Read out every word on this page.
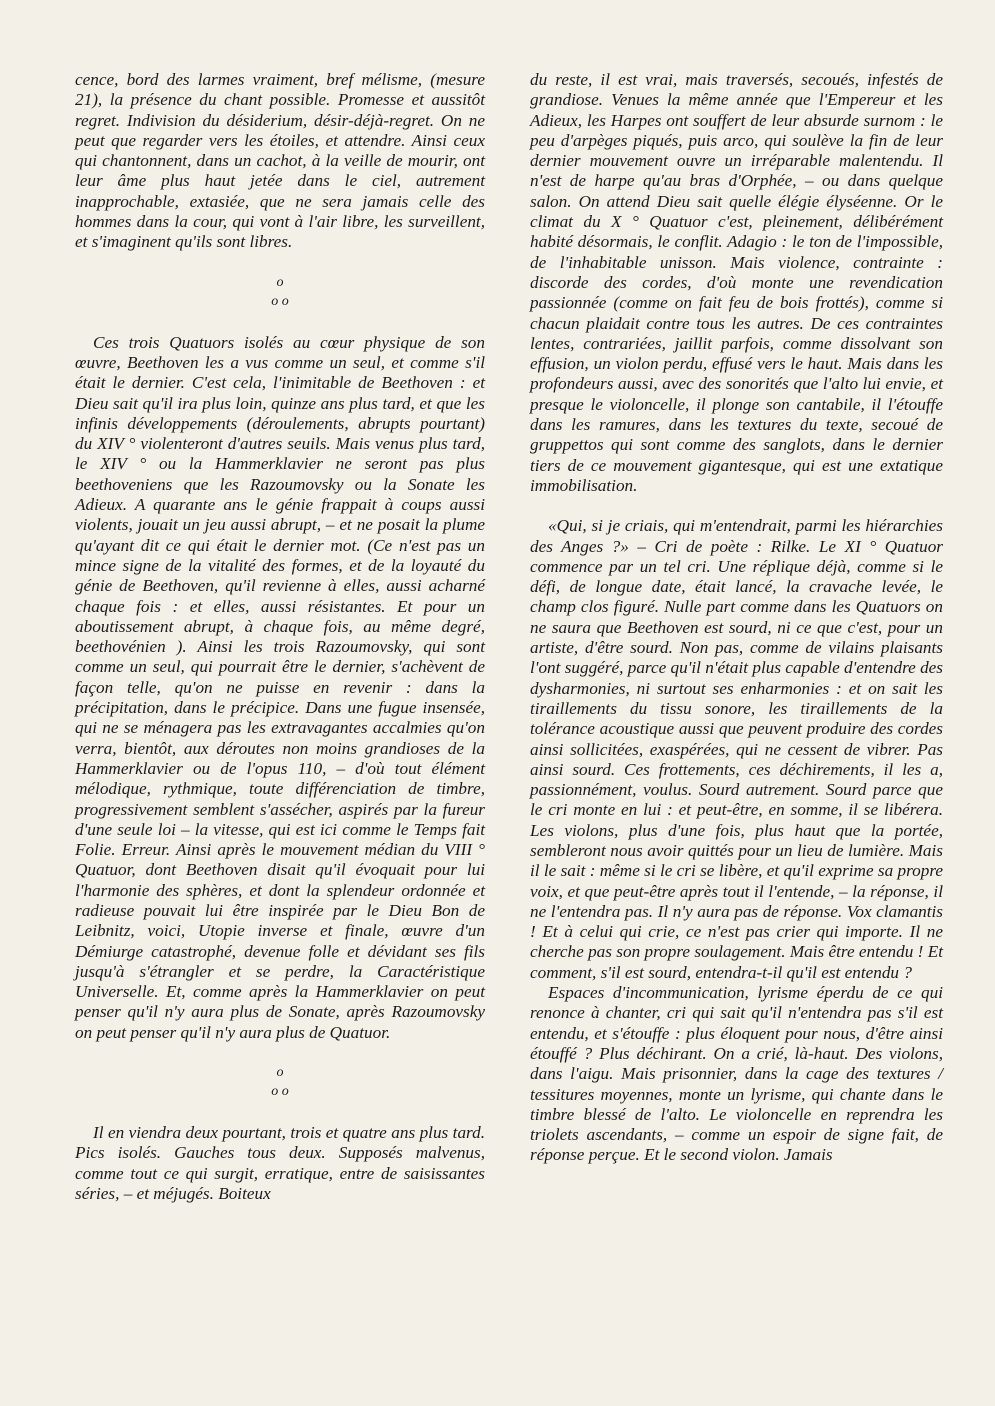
cence, bord des larmes vraiment, bref mélisme, (mesure 21), la présence du chant possible. Promesse et aussitôt regret. Indivision du désiderium, désir-déjà-regret. On ne peut que regarder vers les étoiles, et attendre. Ainsi ceux qui chantonnent, dans un cachot, à la veille de mourir, ont leur âme plus haut jetée dans le ciel, autrement inapprochable, extasiée, que ne sera jamais celle des hommes dans la cour, qui vont à l'air libre, les surveillent, et s'imaginent qu'ils sont libres.

o
o o

Ces trois Quatuors isolés au cœur physique de son œuvre, Beethoven les a vus comme un seul, et comme s'il était le dernier. C'est cela, l'inimitable de Beethoven : et Dieu sait qu'il ira plus loin, quinze ans plus tard, et que les infinis développements (déroulements, abrupts pourtant) du XIV ° violenteront d'autres seuils. Mais venus plus tard, le XIV ° ou la Hammerklavier ne seront pas plus beethoveniens que les Razoumovsky ou la Sonate les Adieux. A quarante ans le génie frappait à coups aussi violents, jouait un jeu aussi abrupt, – et ne posait la plume qu'ayant dit ce qui était le dernier mot. (Ce n'est pas un mince signe de la vitalité des formes, et de la loyauté du génie de Beethoven, qu'il revienne à elles, aussi acharné chaque fois : et elles, aussi résistantes. Et pour un aboutissement abrupt, à chaque fois, au même degré, beethovénien ). Ainsi les trois Razoumovsky, qui sont comme un seul, qui pourrait être le dernier, s'achèvent de façon telle, qu'on ne puisse en revenir : dans la précipitation, dans le précipice. Dans une fugue insensée, qui ne se ménagera pas les extravagantes accalmies qu'on verra, bientôt, aux déroutes non moins grandioses de la Hammerklavier ou de l'opus 110, – d'où tout élément mélodique, rythmique, toute différenciation de timbre, progressivement semblent s'assécher, aspirés par la fureur d'une seule loi – la vitesse, qui est ici comme le Temps fait Folie. Erreur. Ainsi après le mouvement médian du VIII ° Quatuor, dont Beethoven disait qu'il évoquait pour lui l'harmonie des sphères, et dont la splendeur ordonnée et radieuse pouvait lui être inspirée par le Dieu Bon de Leibnitz, voici, Utopie inverse et finale, œuvre d'un Démiurge catastrophé, devenue folle et dévidant ses fils jusqu'à s'étrangler et se perdre, la Caractéristique Universelle. Et, comme après la Hammerklavier on peut penser qu'il n'y aura plus de Sonate, après Razoumovsky on peut penser qu'il n'y aura plus de Quatuor.

o
o o

Il en viendra deux pourtant, trois et quatre ans plus tard. Pics isolés. Gauches tous deux. Supposés malvenus, comme tout ce qui surgit, erratique, entre de saisissantes séries, – et méjugés. Boiteux

du reste, il est vrai, mais traversés, secoués, infestés de grandiose. Venues la même année que l'Empereur et les Adieux, les Harpes ont souffert de leur absurde surnom : le peu d'arpèges piqués, puis arco, qui soulève la fin de leur dernier mouvement ouvre un irréparable malentendu. Il n'est de harpe qu'au bras d'Orphée, – ou dans quelque salon. On attend Dieu sait quelle élégie élyséenne. Or le climat du X ° Quatuor c'est, pleinement, délibérément habité désormais, le conflit. Adagio : le ton de l'impossible, de l'inhabitable unisson. Mais violence, contrainte : discorde des cordes, d'où monte une revendication passionnée (comme on fait feu de bois frottés), comme si chacun plaidait contre tous les autres. De ces contraintes lentes, contrariées, jaillit parfois, comme dissolvant son effusion, un violon perdu, effusé vers le haut. Mais dans les profondeurs aussi, avec des sonorités que l'alto lui envie, et presque le violoncelle, il plonge son cantabile, il l'étouffe dans les ramures, dans les textures du texte, secoué de gruppettos qui sont comme des sanglots, dans le dernier tiers de ce mouvement gigantesque, qui est une extatique immobilisation.

«Qui, si je criais, qui m'entendrait, parmi les hiérarchies des Anges ?» – Cri de poète : Rilke. Le XI ° Quatuor commence par un tel cri. Une réplique déjà, comme si le défi, de longue date, était lancé, la cravache levée, le champ clos figuré. Nulle part comme dans les Quatuors on ne saura que Beethoven est sourd, ni ce que c'est, pour un artiste, d'être sourd. Non pas, comme de vilains plaisants l'ont suggéré, parce qu'il n'était plus capable d'entendre des dysharmonies, ni surtout ses enharmonies : et on sait les tiraillements du tissu sonore, les tiraillements de la tolérance acoustique aussi que peuvent produire des cordes ainsi sollicitées, exaspérées, qui ne cessent de vibrer. Pas ainsi sourd. Ces frottements, ces déchirements, il les a, passionnément, voulus. Sourd autrement. Sourd parce que le cri monte en lui : et peut-être, en somme, il se libérera. Les violons, plus d'une fois, plus haut que la portée, sembleront nous avoir quittés pour un lieu de lumière. Mais il le sait : même si le cri se libère, et qu'il exprime sa propre voix, et que peut-être après tout il l'entende, – la réponse, il ne l'entendra pas. Il n'y aura pas de réponse. Vox clamantis ! Et à celui qui crie, ce n'est pas crier qui importe. Il ne cherche pas son propre soulagement. Mais être entendu ! Et comment, s'il est sourd, entendra-t-il qu'il est entendu ?

Espaces d'incommunication, lyrisme éperdu de ce qui renonce à chanter, cri qui sait qu'il n'entendra pas s'il est entendu, et s'étouffe : plus éloquent pour nous, d'être ainsi étouffé ? Plus déchirant. On a crié, là-haut. Des violons, dans l'aigu. Mais prisonnier, dans la cage des textures / tessitures moyennes, monte un lyrisme, qui chante dans le timbre blessé de l'alto. Le violoncelle en reprendra les triolets ascendants, – comme un espoir de signe fait, de réponse perçue. Et le second violon. Jamais
